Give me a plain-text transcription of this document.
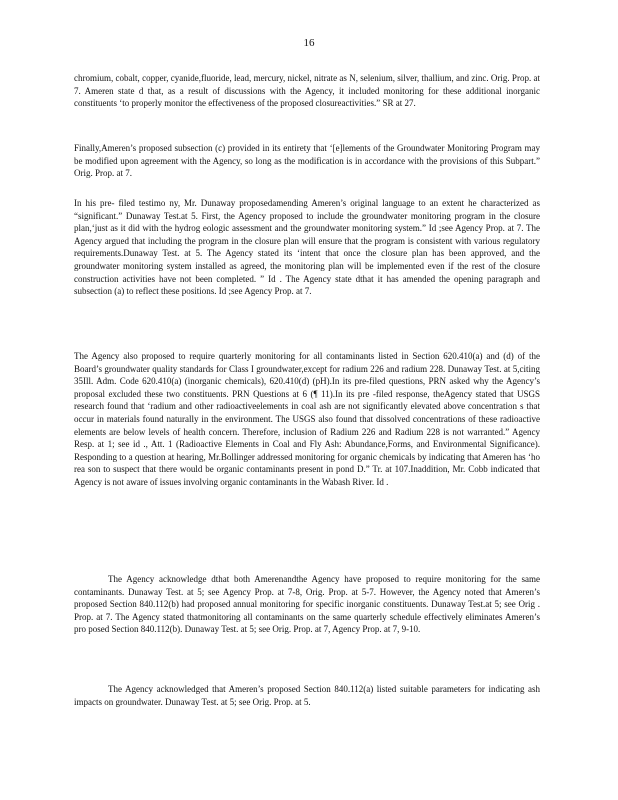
16

chromium, cobalt, copper, cyanide,fluoride, lead, mercury, nickel, nitrate as N, selenium, silver, thallium, and zinc. Orig. Prop. at 7. Ameren state d that, as a result of discussions with the Agency, it included monitoring for these additional inorganic constituents ‘to properly monitor the effectiveness of the proposed closureactivities.” SR at 27.

Finally,Ameren’s proposed subsection (c) provided in its entirety that ‘[e]lements of the Groundwater Monitoring Program may be modified upon agreement with the Agency, so long as the modification is in accordance with the provisions of this Subpart.” Orig. Prop. at 7.

In his pre- filed testimo ny, Mr. Dunaway proposedamending Ameren’s original language to an extent he characterized as “significant.” Dunaway Test.at 5. First, the Agency proposed to include the groundwater monitoring program in the closure plan,‘just as it did with the hydrog eologic assessment and the groundwater monitoring system.” Id ;see Agency Prop. at 7. The Agency argued that including the program in the closure plan will ensure that the program is consistent with various regulatory requirements.Dunaway Test. at 5. The Agency stated its ‘intent that once the closure plan has been approved, and the groundwater monitoring system installed as agreed, the monitoring plan will be implemented even if the rest of the closure construction activities have not been completed. ” Id . The Agency state dthat it has amended the opening paragraph and subsection (a) to reflect these positions. Id ;see Agency Prop. at 7.

The Agency also proposed to require quarterly monitoring for all contaminants listed in Section 620.410(a) and (d) of the Board’s groundwater quality standards for Class I groundwater,except for radium 226 and radium 228. Dunaway Test. at 5,citing 35Ill. Adm. Code 620.410(a) (inorganic chemicals), 620.410(d) (pH).In its pre-filed questions, PRN asked why the Agency’s proposal excluded these two constituents. PRN Questions at 6 (¶ 11).In its pre -filed response, theAgency stated that USGS research found that ‘radium and other radioactiveelements in coal ash are not significantly elevated above concentration s that occur in materials found naturally in the environment. The USGS also found that dissolved concentrations of these radioactive elements are below levels of health concern. Therefore, inclusion of Radium 226 and Radium 228 is not warranted.” Agency Resp. at 1; see id ., Att. 1 (Radioactive Elements in Coal and Fly Ash: Abundance,Forms, and Environmental Significance). Responding to a question at hearing, Mr.Bollinger addressed monitoring for organic chemicals by indicating that Ameren has ‘ho rea son to suspect that there would be organic contaminants present in pond D.” Tr. at 107.Inaddition, Mr. Cobb indicated that Agency is not aware of issues involving organic contaminants in the Wabash River. Id .

The Agency acknowledge dthat both Amerenandthe Agency have proposed to require monitoring for the same contaminants. Dunaway Test. at 5; see Agency Prop. at 7-8, Orig. Prop. at 5-7. However, the Agency noted that Ameren’s proposed Section 840.112(b) had proposed annual monitoring for specific inorganic constituents. Dunaway Test.at 5; see Orig . Prop. at 7. The Agency stated thatmonitoring all contaminants on the same quarterly schedule effectively eliminates Ameren’s pro posed Section 840.112(b). Dunaway Test. at 5; see Orig. Prop. at 7, Agency Prop. at 7, 9-10.

The Agency acknowledged that Ameren’s proposed Section 840.112(a) listed suitable parameters for indicating ash impacts on groundwater. Dunaway Test. at 5; see Orig. Prop. at 5.
